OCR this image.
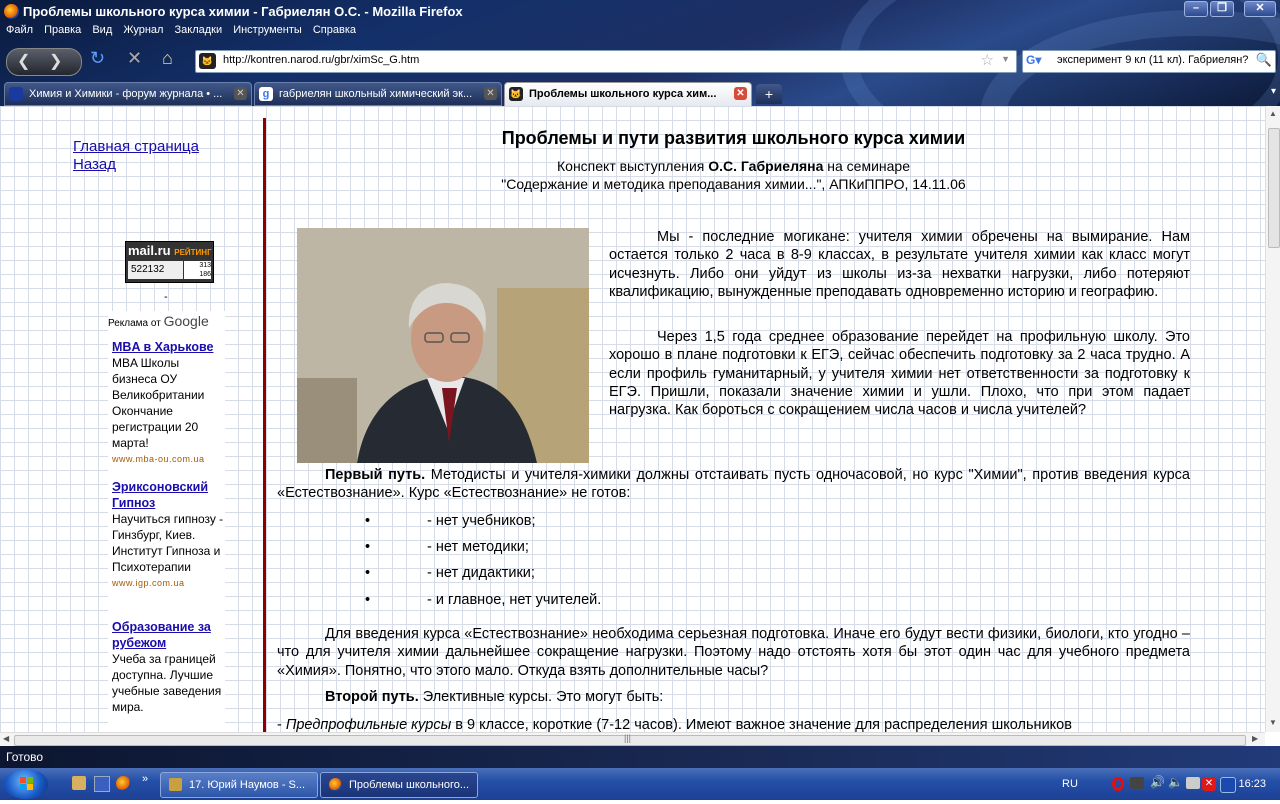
Проблемы школьного курса химии - Габриелян О.С. - Mozilla Firefox	–	❐	✕
Файл Правка Вид Журнал Закладки Инструменты Справка
❮ ❯ ↻ ✕ ⌂	🐱 http://kontren.narod.ru/gbr/ximSc_G.htm	☆ ▼ G▾ эксперимент 9 кл (11 кл). Габриелян? 🔍
Химия и Химики - форум журнала • ... ✕	g габриелян школьный химический эк... ✕ 🐱 Проблемы школьного курса хим... ✕	+	▾
Главная страница
Назад
mail.ru РЕЙТИНГ
522132	313
186
-
Реклама от Google
MBA в Харькове
MBA Школы бизнеса ОУ Великобритании Окончание регистрации 20 марта!
www.mba-ou.com.ua
Эриксоновский Гипноз
Научиться гипнозу - Гинзбург, Киев. Институт Гипноза и Психотерапии
www.igp.com.ua
Образование за рубежом
Учеба за границей доступна. Лучшие учебные заведения мира.
Проблемы и пути развития школьного курса химии
Конспект выступления О.С. Габриеляна на семинаре
"Содержание и методика преподавания химии...", АПКиППРО, 14.11.06
Мы - последние могикане: учителя химии обречены на вымирание. Нам остается только 2 часа в 8-9 классах, в результате учителя химии как класс могут исчезнуть. Либо они уйдут из школы из-за нехватки нагрузки, либо потеряют квалификацию, вынужденные преподавать одновременно историю и географию.
Через 1,5 года среднее образование перейдет на профильную школу. Это хорошо в плане подготовки к ЕГЭ, сейчас обеспечить подготовку за 2 часа трудно. А если профиль гуманитарный, у учителя химии нет ответственности за подготовку к ЕГЭ. Пришли, показали значение химии и ушли. Плохо, что при этом падает нагрузка. Как бороться с сокращением числа часов и числа учителей?
Первый путь. Методисты и учителя-химики должны отстаивать пусть одночасовой, но курс "Химии", против введения курса «Естествознание». Курс «Естествознание» не готов:
•	- нет учебников;
•	- нет методики;
•	- нет дидактики;
•	- и главное, нет учителей.
Для введения курса «Естествознание» необходима серьезная подготовка. Иначе его будут вести физики, биологи, кто угодно – что для учителя химии дальнейшее сокращение нагрузки. Поэтому надо отстоять хотя бы этот один час для учебного предмета «Химия». Понятно, что этого мало. Откуда взять дополнительные часы?
Второй путь. Элективные курсы. Это могут быть:
- Предпрофильные курсы в 9 классе, короткие (7-12 часов). Имеют важное значение для распределения школьников
▲
▼
◀	|||	▶
Готово
»	17. Юрий Наумов - S...	Проблемы школьного...	RU	🔊 🔈 ✕ 16:23
